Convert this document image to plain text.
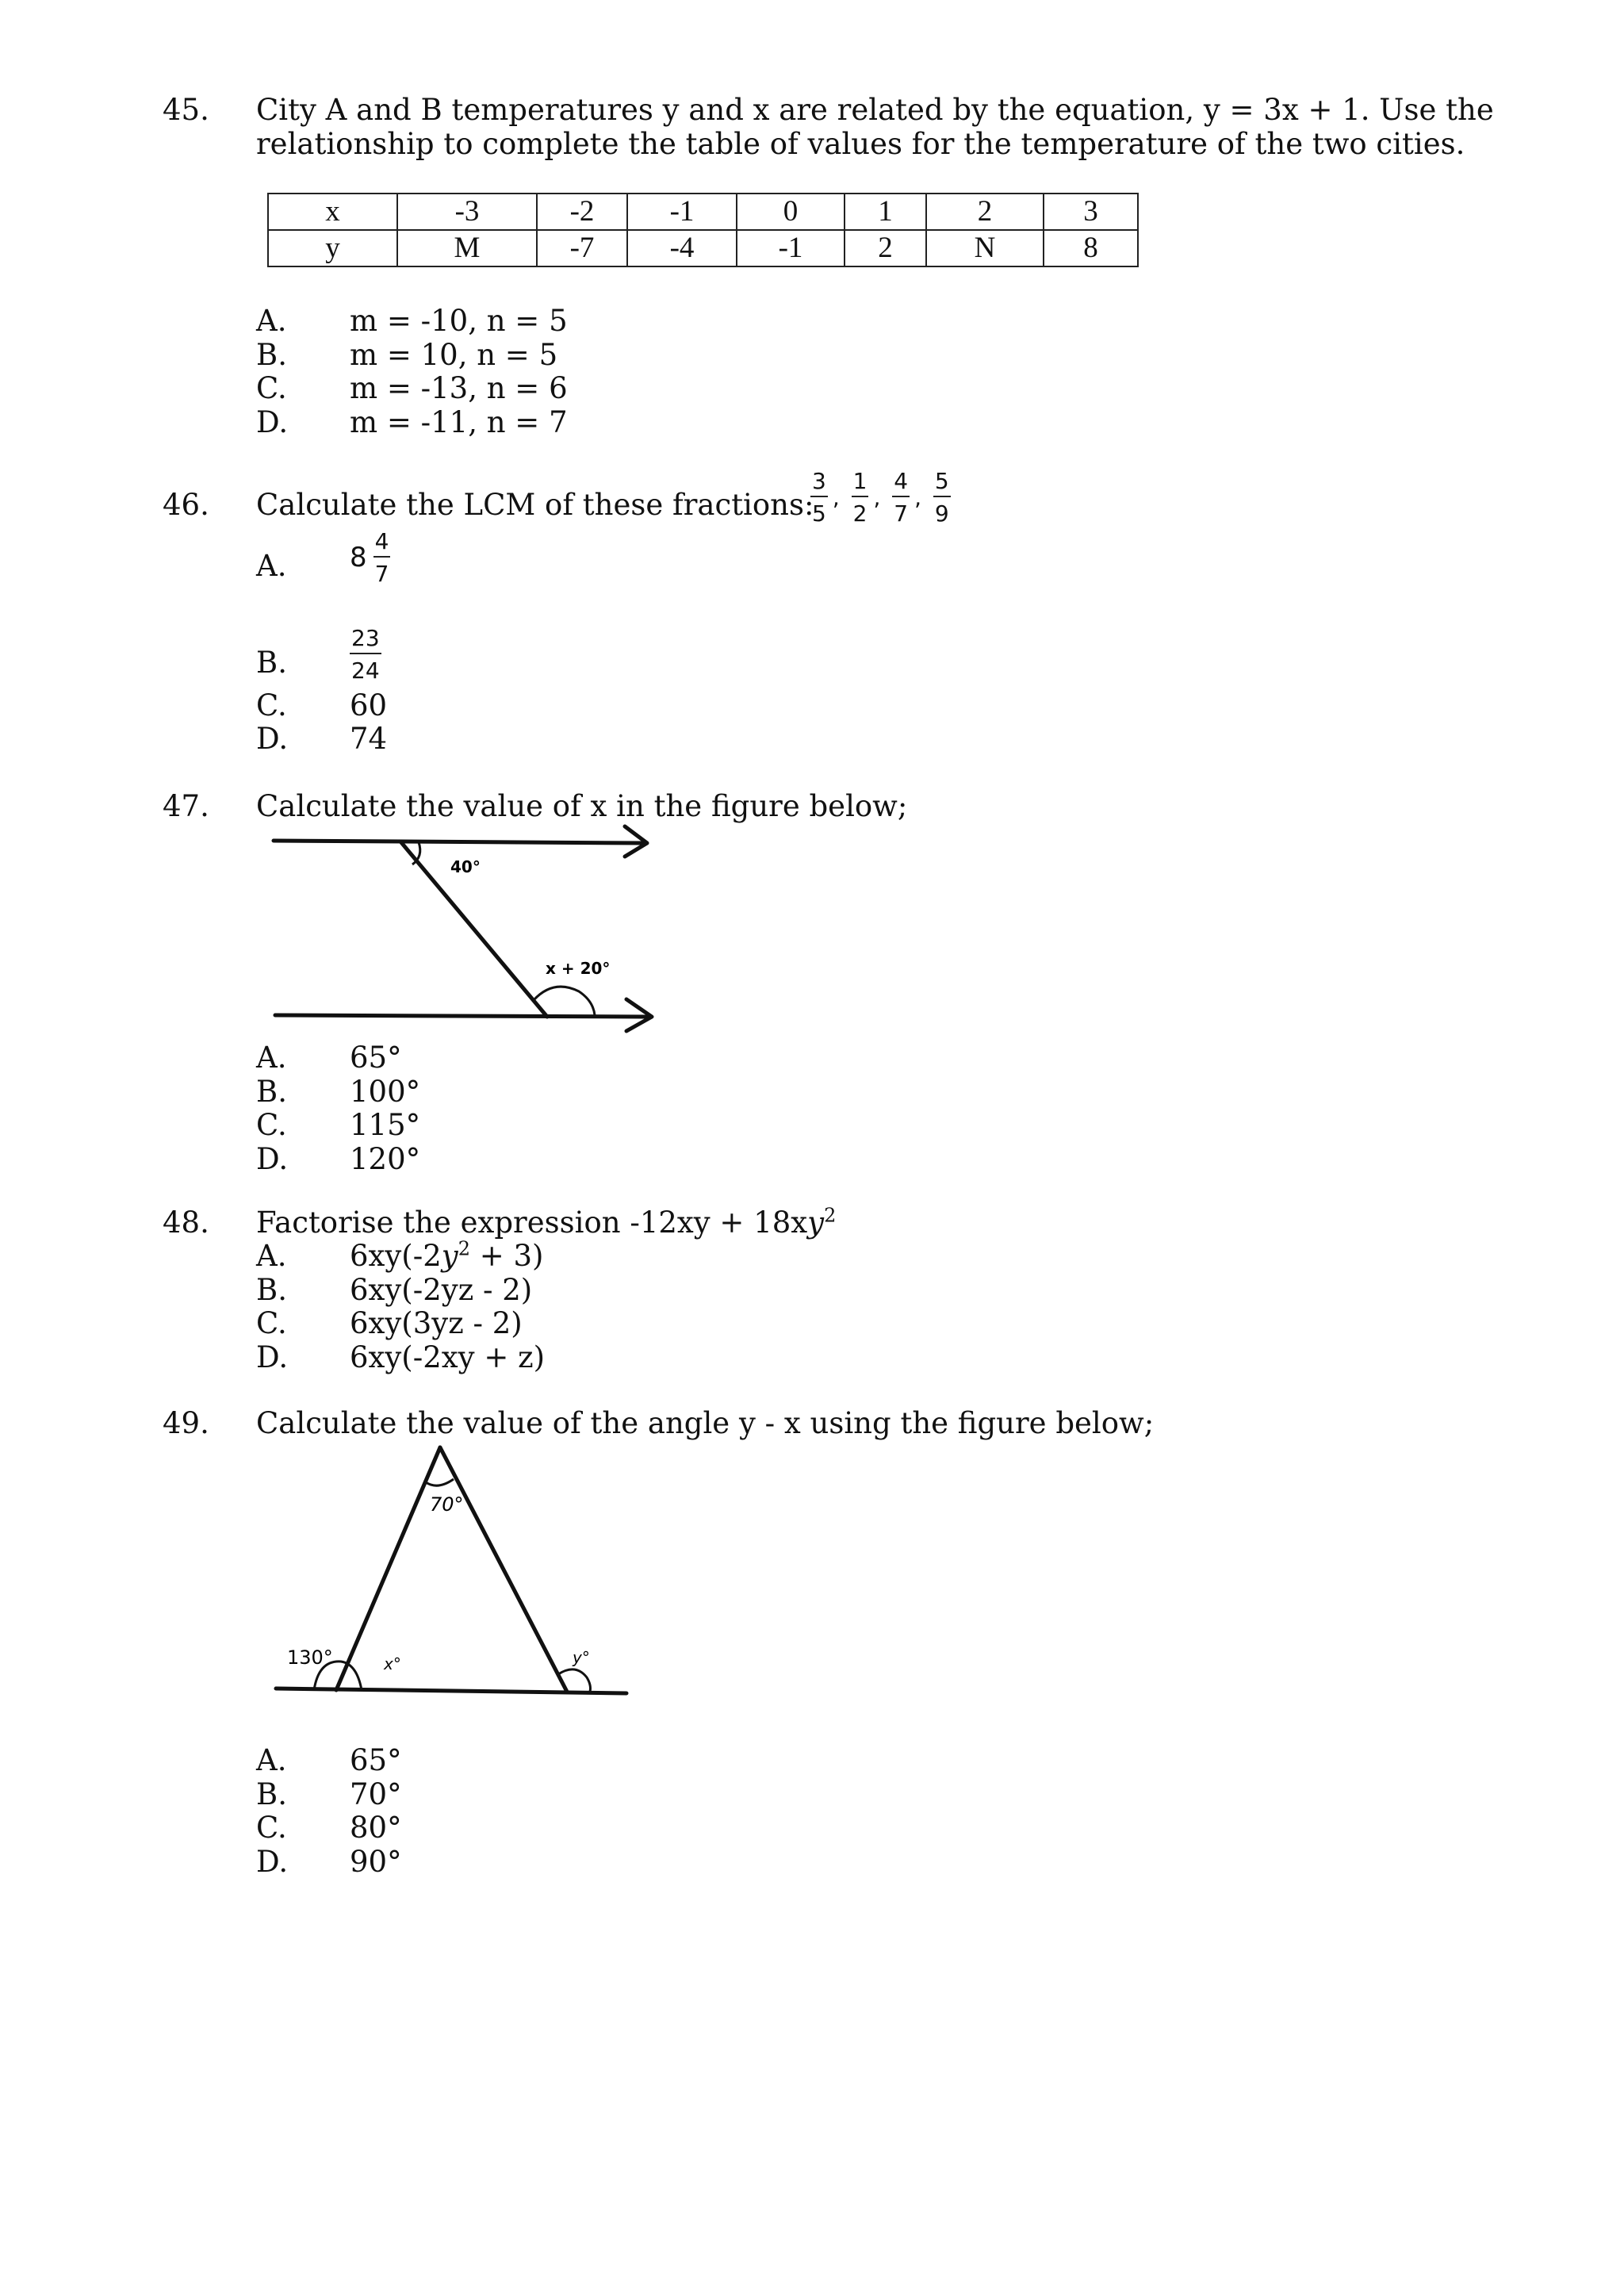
45. City A and B temperatures y and x are related by the equation, y = 3x + 1. Use the
relationship to complete the table of values for the temperature of the two cities.
x	-3	-2	-1	0	1	2	3
y	M	-7	-4	-1	2	N	8
A. m = -10, n = 5
B. m = 10, n = 5
C. m = -13, n = 6
D. m = -11, n = 7
46. Calculate the LCM of these fractions:
$\frac{3}{5}$ , $\frac{1}{2}$ , $\frac{4}{7}$ , $\frac{5}{9}$
A.	$8 \frac{4}{7}$
B.	$\frac{23}{24}$
C. 60
D. 74
47. Calculate the value of x in the figure below;
40°
x + 20°
A. 65°
B. 100°
C. 115°
D. 120°
48. Factorise the expression $-12xy + 18xy^2$
A. $6xy(-2y^2 + 3)$
B. 6xy(-2yz - 2)
C. 6xy(3yz - 2)
D. 6xy(-2xy + z)
49. Calculate the value of the angle y - x using the figure below;
70°
130°	x°	y°
A. 65°
B. 70°
C. 80°
D. 90°
